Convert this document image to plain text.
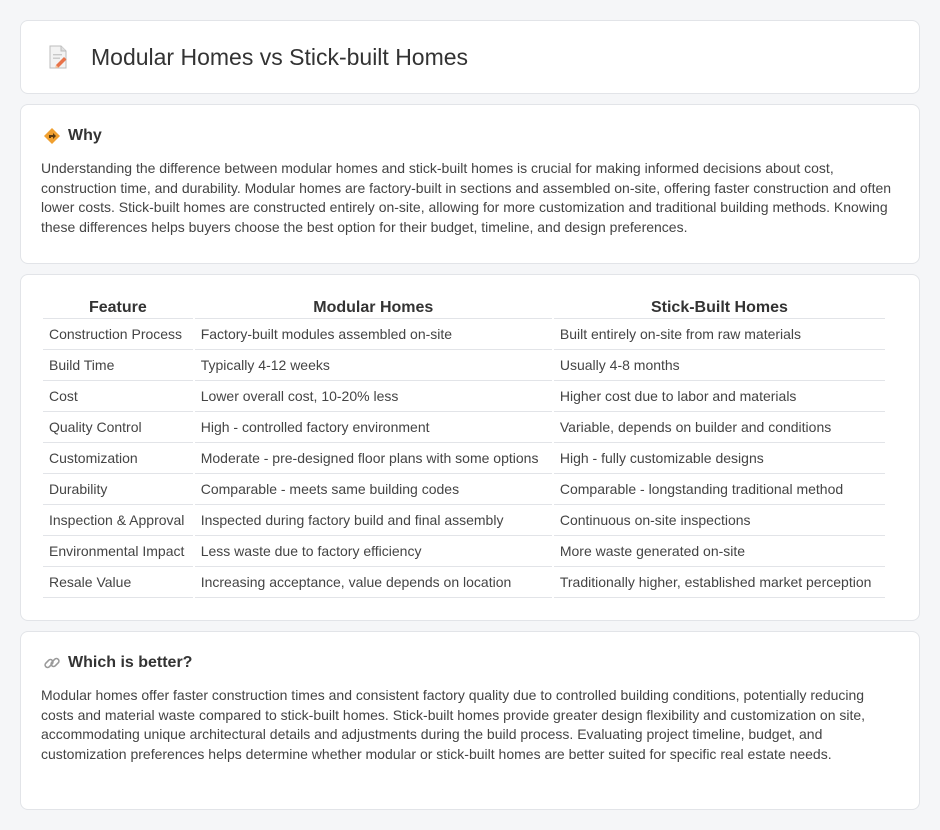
Modular Homes vs Stick-built Homes
Why

Understanding the difference between modular homes and stick-built homes is crucial for making informed decisions about cost, construction time, and durability. Modular homes are factory-built in sections and assembled on-site, offering faster construction and often lower costs. Stick-built homes are constructed entirely on-site, allowing for more customization and traditional building methods. Knowing these differences helps buyers choose the best option for their budget, timeline, and design preferences.

Feature	Modular Homes	Stick-Built Homes
Construction Process	Factory-built modules assembled on-site	Built entirely on-site from raw materials
Build Time	Typically 4-12 weeks	Usually 4-8 months
Cost	Lower overall cost, 10-20% less	Higher cost due to labor and materials
Quality Control	High - controlled factory environment	Variable, depends on builder and conditions
Customization	Moderate - pre-designed floor plans with some options	High - fully customizable designs
Durability	Comparable - meets same building codes	Comparable - longstanding traditional method
Inspection & Approval	Inspected during factory build and final assembly	Continuous on-site inspections
Environmental Impact	Less waste due to factory efficiency	More waste generated on-site
Resale Value	Increasing acceptance, value depends on location	Traditionally higher, established market perception
Which is better?

Modular homes offer faster construction times and consistent factory quality due to controlled building conditions, potentially reducing costs and material waste compared to stick-built homes. Stick-built homes provide greater design flexibility and customization on site, accommodating unique architectural details and adjustments during the build process. Evaluating project timeline, budget, and customization preferences helps determine whether modular or stick-built homes are better suited for specific real estate needs.
